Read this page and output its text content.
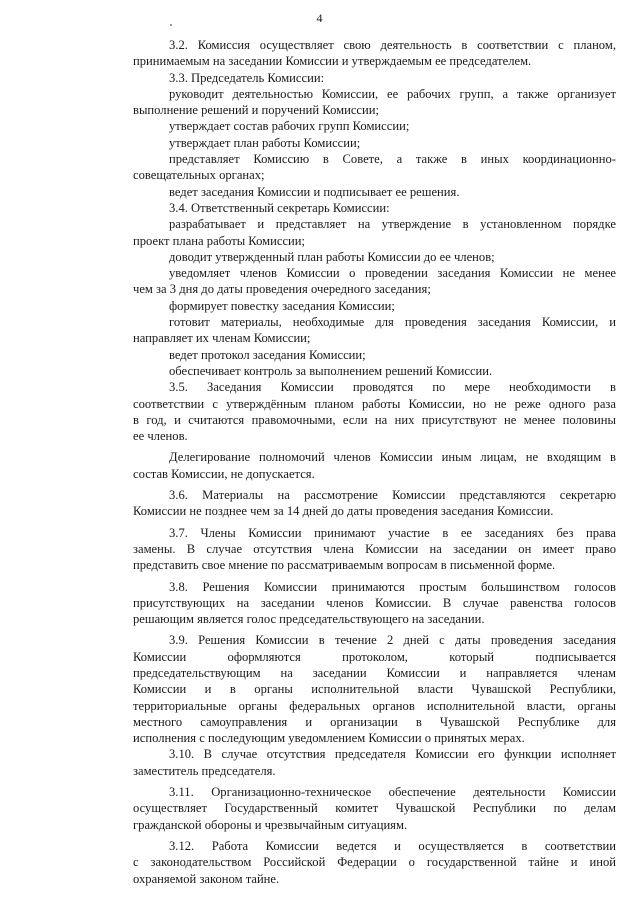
4
3.2. Комиссия осуществляет свою деятельность в соответствии с планом,
принимаемым на заседании Комиссии и утверждаемым ее председателем.
3.3. Председатель Комиссии:
руководит деятельностью Комиссии, ее рабочих групп, а также организует
выполнение решений и поручений Комиссии;
утверждает состав рабочих групп Комиссии;
утверждает план работы Комиссии;
представляет Комиссию в Совете, а также в иных координационно-
совещательных органах;
ведет заседания Комиссии и подписывает ее решения.
3.4. Ответственный секретарь Комиссии:
разрабатывает и представляет на утверждение в установленном порядке
проект плана работы Комиссии;
доводит утвержденный план работы Комиссии до ее членов;
уведомляет членов Комиссии о проведении заседания Комиссии не менее
чем за 3 дня до даты проведения очередного заседания;
формирует повестку заседания Комиссии;
готовит материалы, необходимые для проведения заседания Комиссии, и
направляет их членам Комиссии;
ведет протокол заседания Комиссии;
обеспечивает контроль за выполнением решений Комиссии.
3.5. Заседания Комиссии проводятся по мере необходимости в
соответствии с утверждённым планом работы Комиссии, но не реже одного раза
в год, и считаются правомочными, если на них присутствуют не менее половины
ее членов.
Делегирование полномочий членов Комиссии иным лицам, не входящим в
состав Комиссии, не допускается.
3.6. Материалы на рассмотрение Комиссии представляются секретарю
Комиссии не позднее чем за 14 дней до даты проведения заседания Комиссии.
3.7. Члены Комиссии принимают участие в ее заседаниях без права
замены. В случае отсутствия члена Комиссии на заседании он имеет право
представить свое мнение по рассматриваемым вопросам в письменной форме.
3.8. Решения Комиссии принимаются простым большинством голосов
присутствующих на заседании членов Комиссии. В случае равенства голосов
решающим является голос председательствующего на заседании.
3.9. Решения Комиссии в течение 2 дней с даты проведения заседания
Комиссии оформляются протоколом, который подписывается
председательствующим на заседании Комиссии и направляется членам
Комиссии и в органы исполнительной власти Чувашской Республики,
территориальные органы федеральных органов исполнительной власти, органы
местного самоуправления и организации в Чувашской Республике для
исполнения с последующим уведомлением Комиссии о принятых мерах.
3.10. В случае отсутствия председателя Комиссии его функции исполняет
заместитель председателя.
3.11. Организационно-техническое обеспечение деятельности Комиссии
осуществляет Государственный комитет Чувашской Республики по делам
гражданской обороны и чрезвычайным ситуациям.
3.12. Работа Комиссии ведется и осуществляется в соответствии
с законодательством Российской Федерации о государственной тайне и иной
охраняемой законом тайне.
